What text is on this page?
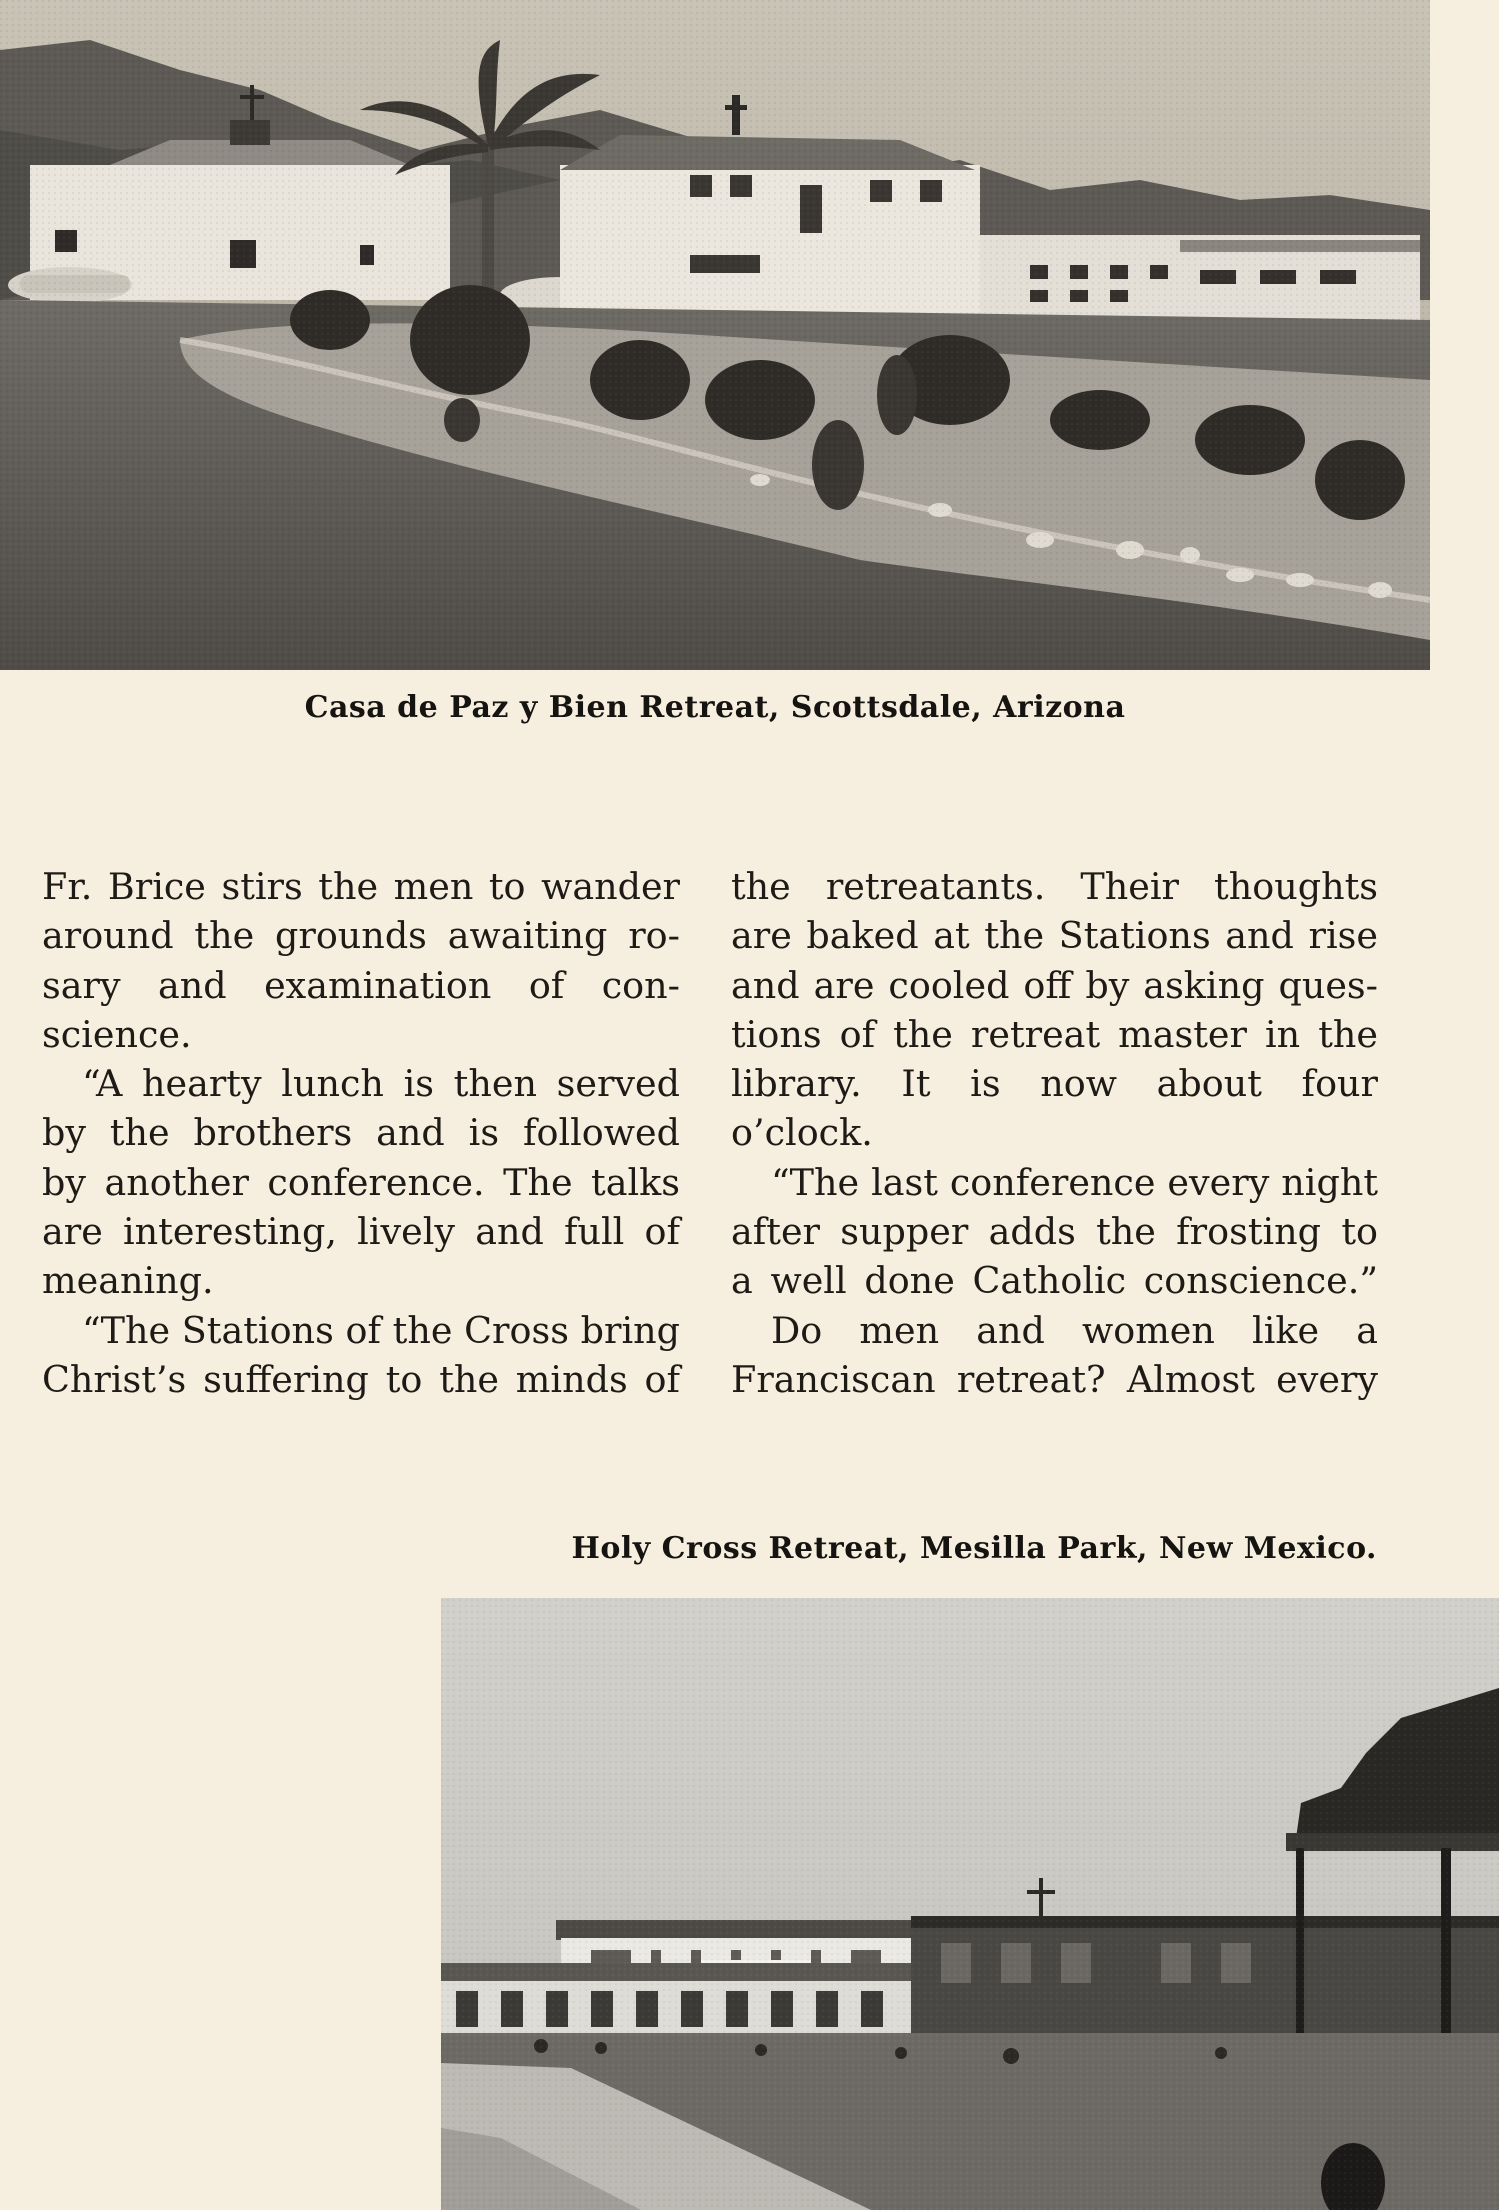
Casa de Paz y Bien Retreat, Scottsdale, Arizona
Fr. Brice stirs the men to wander
around the grounds awaiting ro-
sary and examination of con-
science.
“A hearty lunch is then served
by the brothers and is followed
by another conference. The talks
are interesting, lively and full of
meaning.
“The Stations of the Cross bring
Christ’s suffering to the minds of
the retreatants. Their thoughts
are baked at the Stations and rise
and are cooled off by asking ques-
tions of the retreat master in the
library. It is now about four
o’clock.
“The last conference every night
after supper adds the frosting to
a well done Catholic conscience.”
Do men and women like a
Franciscan retreat? Almost every
Holy Cross Retreat, Mesilla Park, New Mexico.
